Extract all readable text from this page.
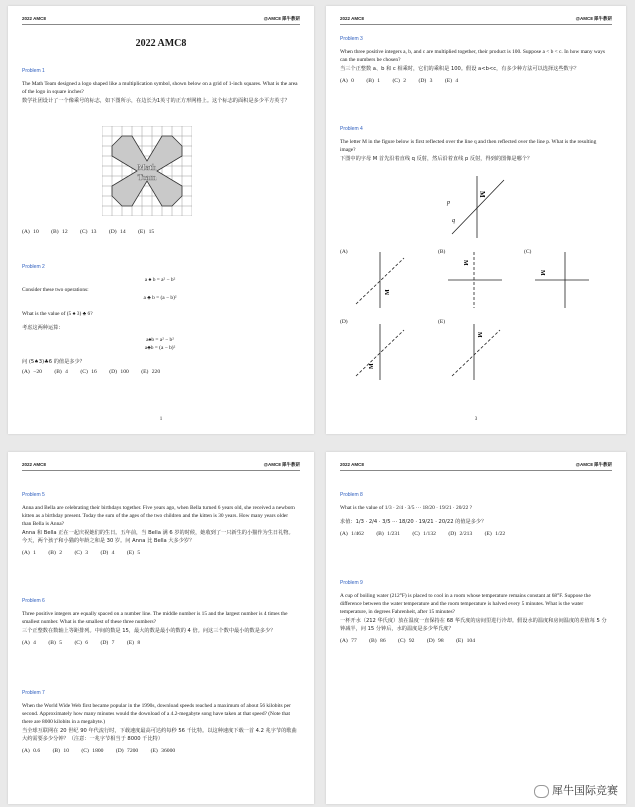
2022 AMC8	@AMC8 犀牛教研
2022 AMC8
Problem 1
The Math Team designed a logo shaped like a multiplication symbol, shown below on a grid of 1-inch squares. What is the area of the logo in square inches?
数学社团设计了一个像乘号的标志，如下图所示，在边长为1英寸的正方形网格上。这个标志的面积是多少平方英寸？
Math
Team
(A) 10 (B) 12 (C) 13 (D) 14 (E) 15
Problem 2
a ♠ b = a² − b²
Consider these two operations:
a ♣ b = (a − b)²
What is the value of (5 ♠ 3) ♣ 6?
考虑这两种运算：
a♠b = a² − b²
a♣b = (a − b)²
问 (5♠3)♣6 的值是多少？
(A) −20 (B) 4 (C) 16 (D) 100 (E) 220
1
2022 AMC8	@AMC8 犀牛教研
Problem 3
When three positive integers a, b, and c are multiplied together, their product is 100. Suppose a < b < c. In how many ways can the numbers be chosen?
当三个正整数 a、b 和 c 相乘时，它们的乘积是 100。假设 a<b<c，有多少种方法可以选择这些数字？
(A) 0 (B) 1 (C) 2 (D) 3 (E) 4
Problem 4
The letter M in the figure below is first reflected over the line q and then reflected over the line p. What is the resulting image?
下图中的字母 M 首先沿着直线 q 反射，然后沿着直线 p 反射，得到的图像是哪个？
p
q
M
(A)
M
(B)
M
(C)
M
(D)
M
(E)
M
3
2022 AMC8	@AMC8 犀牛教研
Problem 5
Anna and Bella are celebrating their birthdays together. Five years ago, when Bella turned 6 years old, she received a newborn kitten as a birthday present. Today the sum of the ages of the two children and the kitten is 30 years. How many years older than Bella is Anna?
Anna 和 Bella 正在一起庆祝她们的生日。五年前，当 Bella 满 6 岁的时候，她收到了一只新生的小猫作为生日礼物。今天，两个孩子和小猫的年龄之和是 30 岁。问 Anna 比 Bella 大多少岁？
(A) 1 (B) 2 (C) 3 (D) 4 (E) 5
Problem 6
Three positive integers are equally spaced on a number line. The middle number is 15 and the largest number is 4 times the smallest number. What is the smallest of these three numbers?
三个正整数在数轴上等距排列。中间的数是 15，最大的数是最小的数的 4 倍。问这三个数中最小的数是多少？
(A) 4 (B) 5 (C) 6 (D) 7 (E) 8
Problem 7
When the World Wide Web first became popular in the 1990s, download speeds reached a maximum of about 56 kilobits per second. Approximately how many minutes would the download of a 4.2-megabyte song have taken at that speed? (Note that there are 8000 kilobits in a megabyte.)
当全球互联网在 20 世纪 90 年代流行时，下载速度最高可达约每秒 56 千比特。以这种速度下载一首 4.2 兆字节的歌曲大约需要多少分钟？（注意：一兆字节相当于 8000 千比特）
(A) 0.6 (B) 10 (C) 1800 (D) 7200 (E) 36000
2022 AMC8	@AMC8 犀牛教研
Problem 8
What is the value of 1/3 · 2/4 · 3/5 ··· 18/20 · 19/21 · 20/22 ?
求值：1/3 · 2/4 · 3/5 ··· 18/20 · 19/21 · 20/22 的值是多少？
(A) 1/462 (B) 1/231 (C) 1/132 (D) 2/213 (E) 1/22
Problem 9
A cup of boiling water (212°F) is placed to cool in a room whose temperature remains constant at 68°F. Suppose the difference between the water temperature and the room temperature is halved every 5 minutes. What is the water temperature, in degrees Fahrenheit, after 15 minutes?
一杯开水（212 华氏度）放在温度一直保持在 68 华氏度的房间里进行冷却。假设水的温度和房间温度的差值每 5 分钟减半，问 15 分钟后，水的温度是多少华氏度？
(A) 77 (B) 86 (C) 92 (D) 98 (E) 104
犀牛国际竞赛
